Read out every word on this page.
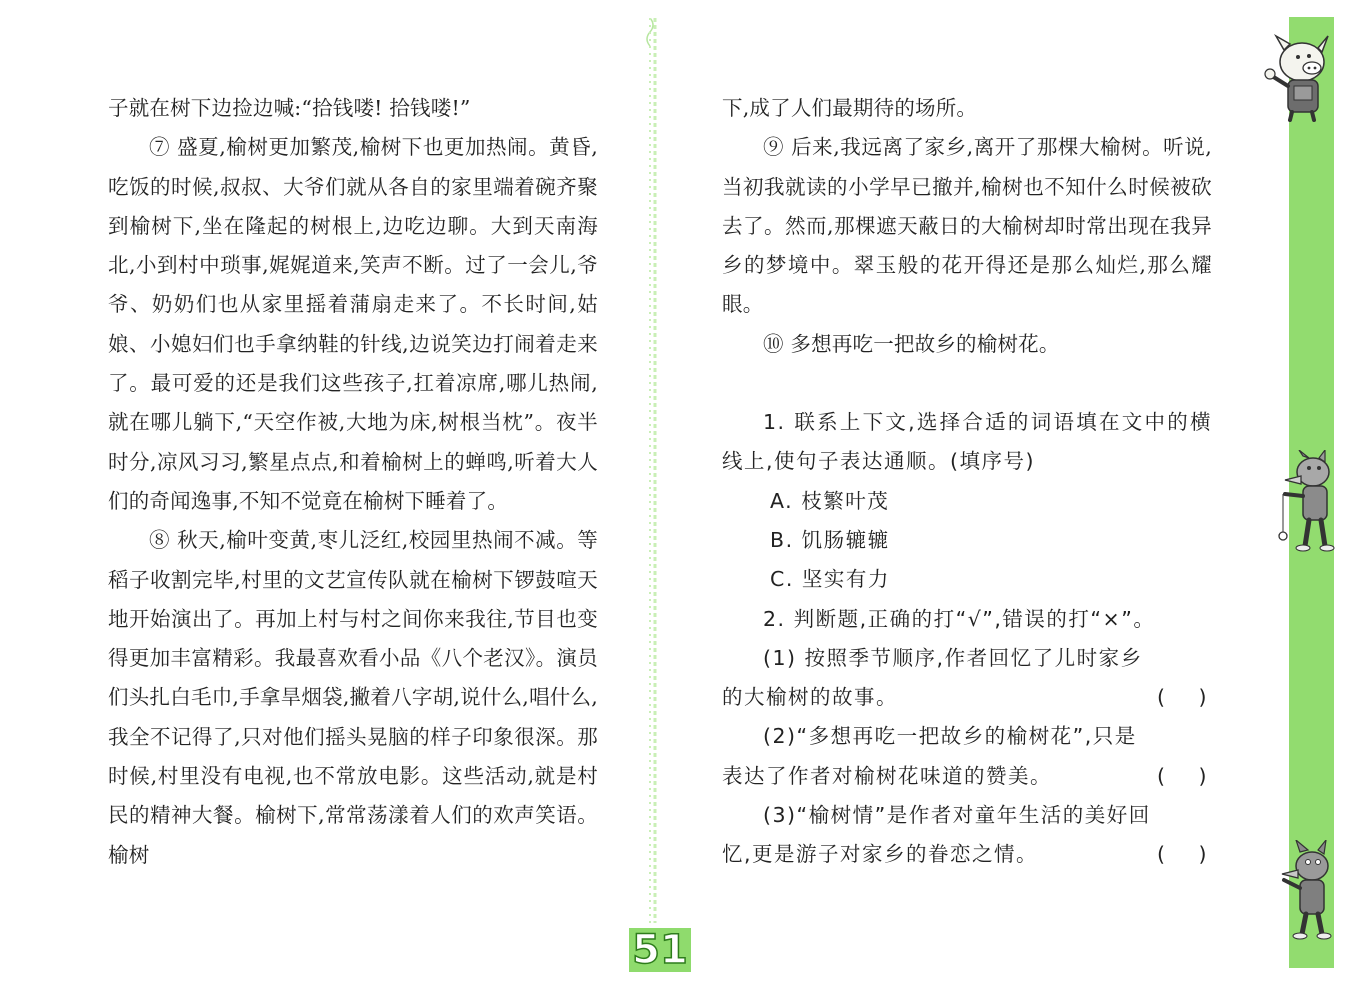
子就在树下边捡边喊:“拾钱喽! 拾钱喽!”

⑦ 盛夏,榆树更加繁茂,榆树下也更加热闹。黄昏,吃饭的时候,叔叔、大爷们就从各自的家里端着碗齐聚到榆树下,坐在隆起的树根上,边吃边聊。大到天南海北,小到村中琐事,娓娓道来,笑声不断。过了一会儿,爷爷、奶奶们也从家里摇着蒲扇走来了。不长时间,姑娘、小媳妇们也手拿纳鞋的针线,边说笑边打闹着走来了。最可爱的还是我们这些孩子,扛着凉席,哪儿热闹,就在哪儿躺下,“天空作被,大地为床,树根当枕”。夜半时分,凉风习习,繁星点点,和着榆树上的蝉鸣,听着大人们的奇闻逸事,不知不觉竟在榆树下睡着了。

⑧ 秋天,榆叶变黄,枣儿泛红,校园里热闹不减。等稻子收割完毕,村里的文艺宣传队就在榆树下锣鼓喧天地开始演出了。再加上村与村之间你来我往,节目也变得更加丰富精彩。我最喜欢看小品《八个老汉》。演员们头扎白毛巾,手拿旱烟袋,撇着八字胡,说什么,唱什么,我全不记得了,只对他们摇头晃脑的样子印象很深。那时候,村里没有电视,也不常放电影。这些活动,就是村民的精神大餐。榆树下,常常荡漾着人们的欢声笑语。榆树

下,成了人们最期待的场所。

⑨ 后来,我远离了家乡,离开了那棵大榆树。听说,当初我就读的小学早已撤并,榆树也不知什么时候被砍去了。然而,那棵遮天蔽日的大榆树却时常出现在我异乡的梦境中。翠玉般的花开得还是那么灿烂,那么耀眼。

⑩ 多想再吃一把故乡的榆树花。

1. 联系上下文,选择合适的词语填在文中的横线上,使句子表达通顺。(填序号)

A. 枝繁叶茂

B. 饥肠辘辘

C. 坚实有力

2. 判断题,正确的打“√”,错误的打“×”。

(1) 按照季节顺序,作者回忆了儿时家乡

的大榆树的故事。	(    )

(2)“多想再吃一把故乡的榆树花”,只是

表达了作者对榆树花味道的赞美。	(    )

(3)“榆树情”是作者对童年生活的美好回

忆,更是游子对家乡的眷恋之情。	(    )
51
